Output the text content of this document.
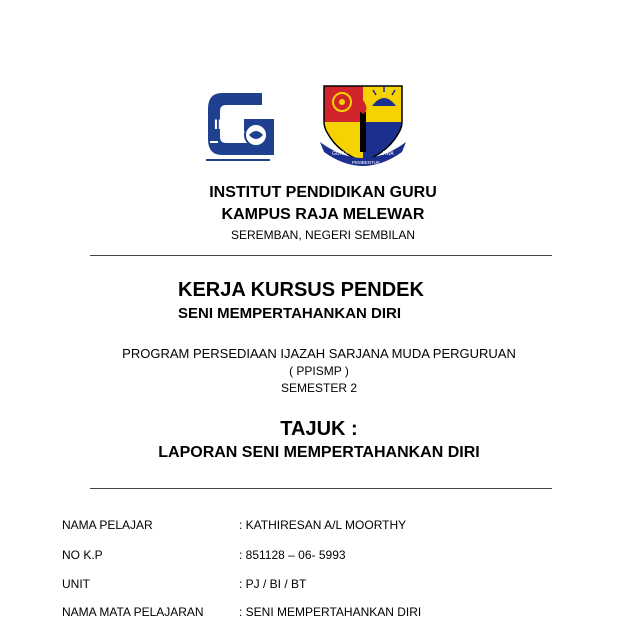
IPG
GURU	JIWA
PEMBENTUK
INSTITUT PENDIDIKAN GURU
KAMPUS RAJA MELEWAR
SEREMBAN, NEGERI SEMBILAN
KERJA KURSUS PENDEK
SENI MEMPERTAHANKAN DIRI
PROGRAM PERSEDIAAN IJAZAH SARJANA MUDA PERGURUAN
( PPISMP )
SEMESTER 2
TAJUK :
LAPORAN SENI MEMPERTAHANKAN DIRI
NAMA PELAJAR	: KATHIRESAN A/L MOORTHY
NO K.P	: 851128 – 06- 5993
UNIT	: PJ / BI / BT
NAMA MATA PELAJARAN	: SENI MEMPERTAHANKAN DIRI
